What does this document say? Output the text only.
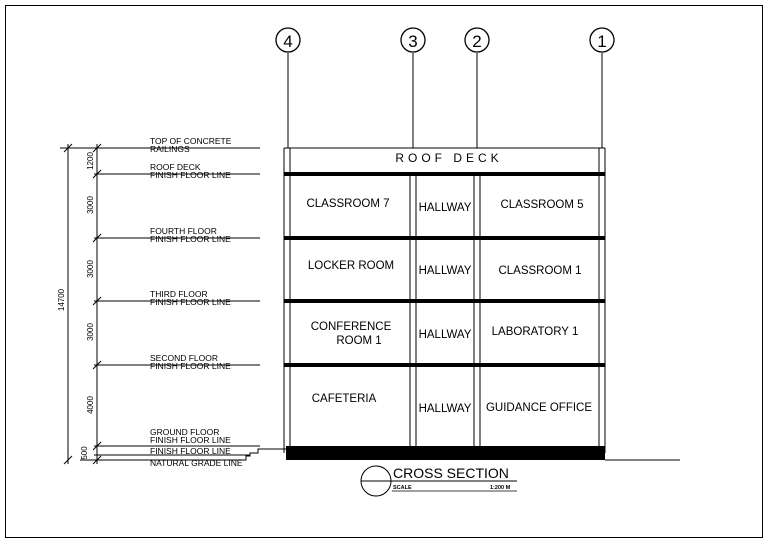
4	3	2	1
14700
1200
3000
3000
3000
4000
500
TOP OF CONCRETE
RAILINGS
ROOF DECK
FINISH FLOOR LINE
FOURTH FLOOR
FINISH FLOOR LINE
THIRD FLOOR
FINISH FLOOR LINE
SECOND FLOOR
FINISH FLOOR LINE
GROUND FLOOR
FINISH FLOOR LINE
FINISH FLOOR LINE
NATURAL GRADE LINE
ROOF DECK
CLASSROOM 7	HALLWAY	CLASSROOM 5
LOCKER ROOM HALLWAY CLASSROOM 1
CONFERENCE
ROOM 1	HALLWAY LABORATORY 1
CAFETERIA
HALLWAY GUIDANCE OFFICE
CROSS SECTION
SCALE	1:200 M
